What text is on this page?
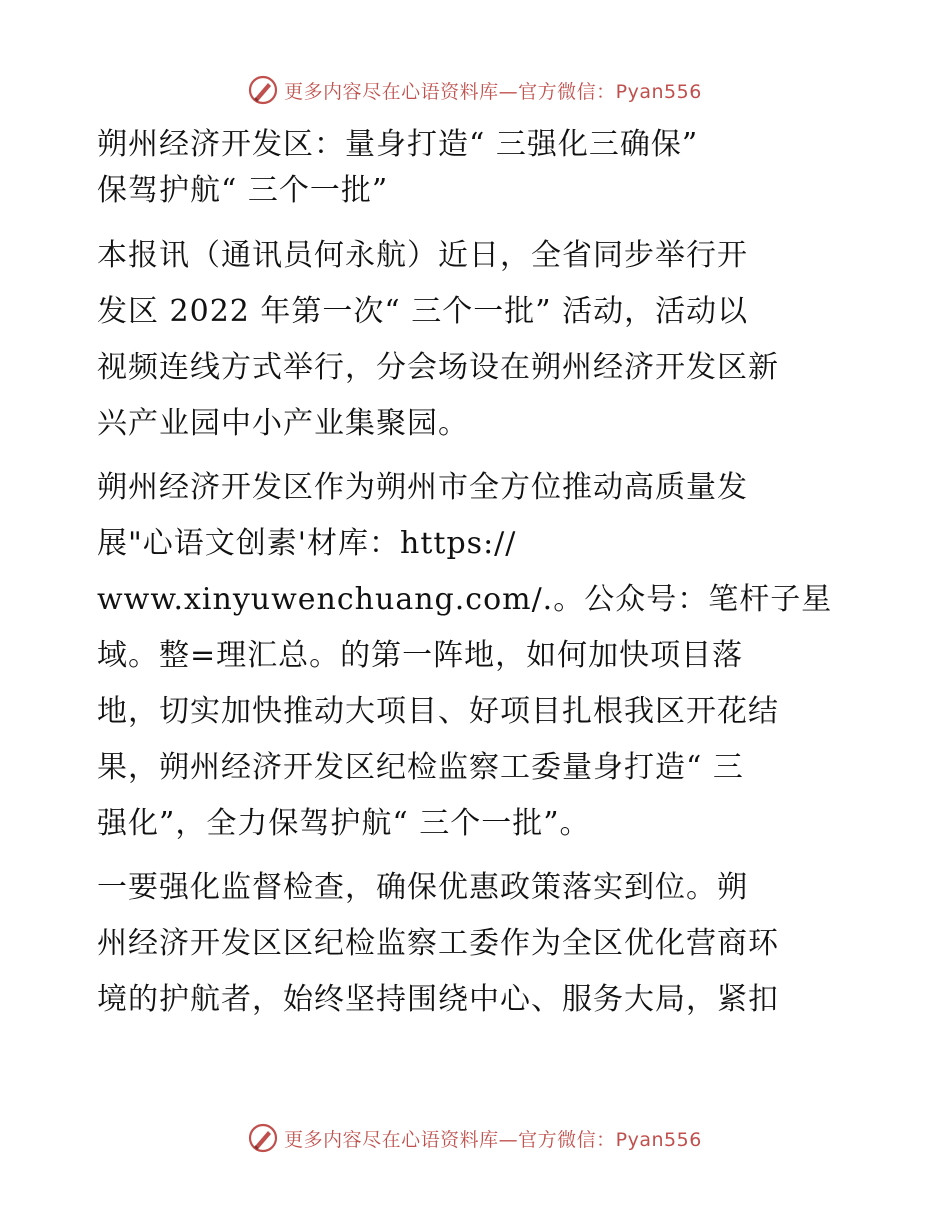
更多内容尽在心语资料库—官方微信：Pyan556
朔州经济开发区：量身打造“ 三强化三确保”
保驾护航“ 三个一批”

本报讯（通讯员何永航）近日，全省同步举行开
发区 2022 年第一次“ 三个一批” 活动，活动以
视频连线方式举行，分会场设在朔州经济开发区新
兴产业园中小产业集聚园。

朔州经济开发区作为朔州市全方位推动高质量发
展"心语文创素'材库：https://
www.xinyuwenchuang.com/.。公众号：笔杆子星
域。整=理汇总。的第一阵地，如何加快项目落
地，切实加快推动大项目、好项目扎根我区开花结
果，朔州经济开发区纪检监察工委量身打造“ 三
强化”，全力保驾护航“ 三个一批”。

一要强化监督检查，确保优惠政策落实到位。朔
州经济开发区区纪检监察工委作为全区优化营商环
境的护航者，始终坚持围绕中心、服务大局，紧扣

更多内容尽在心语资料库—官方微信：Pyan556
